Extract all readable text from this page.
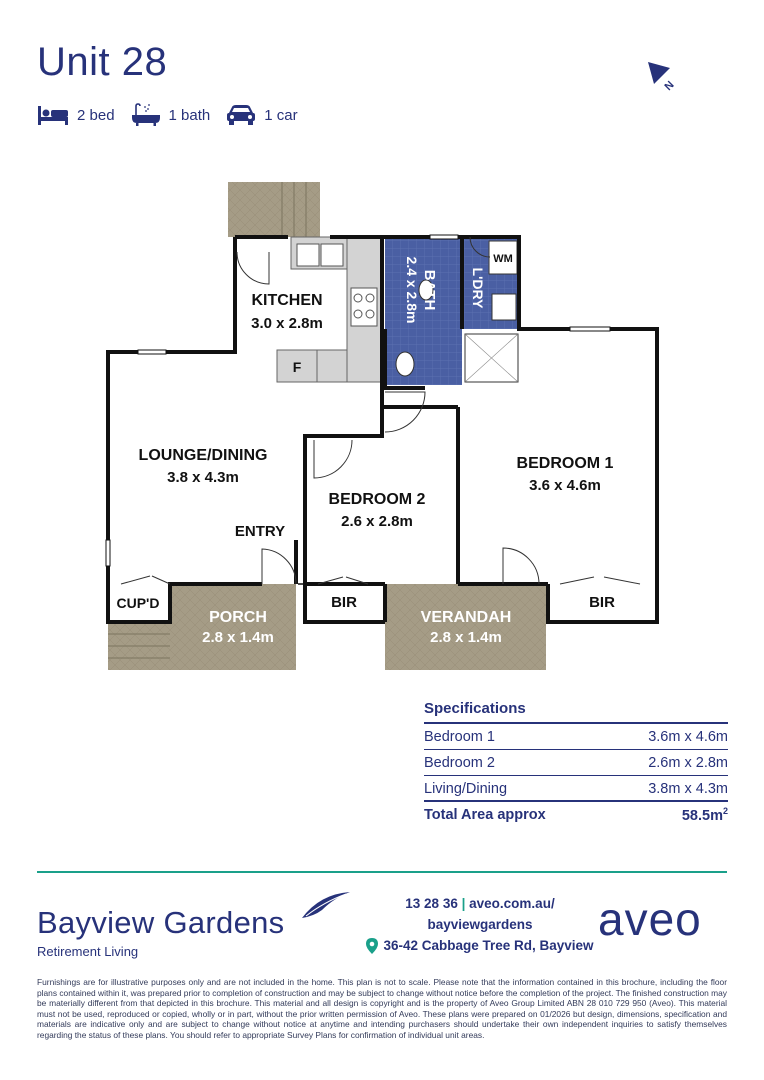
Unit 28
2 bed	1 bath	1 car
N
KITCHEN
3.0 x 2.8m
F
BATH
2.4 x 2.8m	L'DRY
WM
LOUNGE/DINING
3.8 x 4.3m
ENTRY
BEDROOM 2
2.6 x 2.8m
BEDROOM 1
3.6 x 4.6m
CUP'D
PORCH
2.8 x 1.4m
BIR
VERANDAH
2.8 x 1.4m
BIR
Specifications
Bedroom 1	3.6m x 4.6m
Bedroom 2	2.6m x 2.8m
Living/Dining	3.8m x 4.3m
Total Area approx	$58.5m^2$
Bayview Gardens
Retirement Living
13 28 36 | aveo.com.au/
bayviewgardens
36-42 Cabbage Tree Rd, Bayview
aveo
Furnishings are for illustrative purposes only and are not included in the home. This plan is not to scale. Please note that the information contained in this brochure, including the floor plans contained within it, was prepared prior to completion of construction and may be subject to change without notice before the completion of the project. The finished construction may be materially different from that depicted in this brochure. This material and all design is copyright and is the property of Aveo Group Limited ABN 28 010 729 950 (Aveo). This material must not be used, reproduced or copied, wholly or in part, without the prior written permission of Aveo. These plans were prepared on 01/2026 but design, dimensions, specification and materials are indicative only and are subject to change without notice at anytime and intending purchasers should undertake their own independent inquiries to satisfy themselves regarding the status of these plans. You should refer to appropriate Survey Plans for confirmation of individual unit areas.
